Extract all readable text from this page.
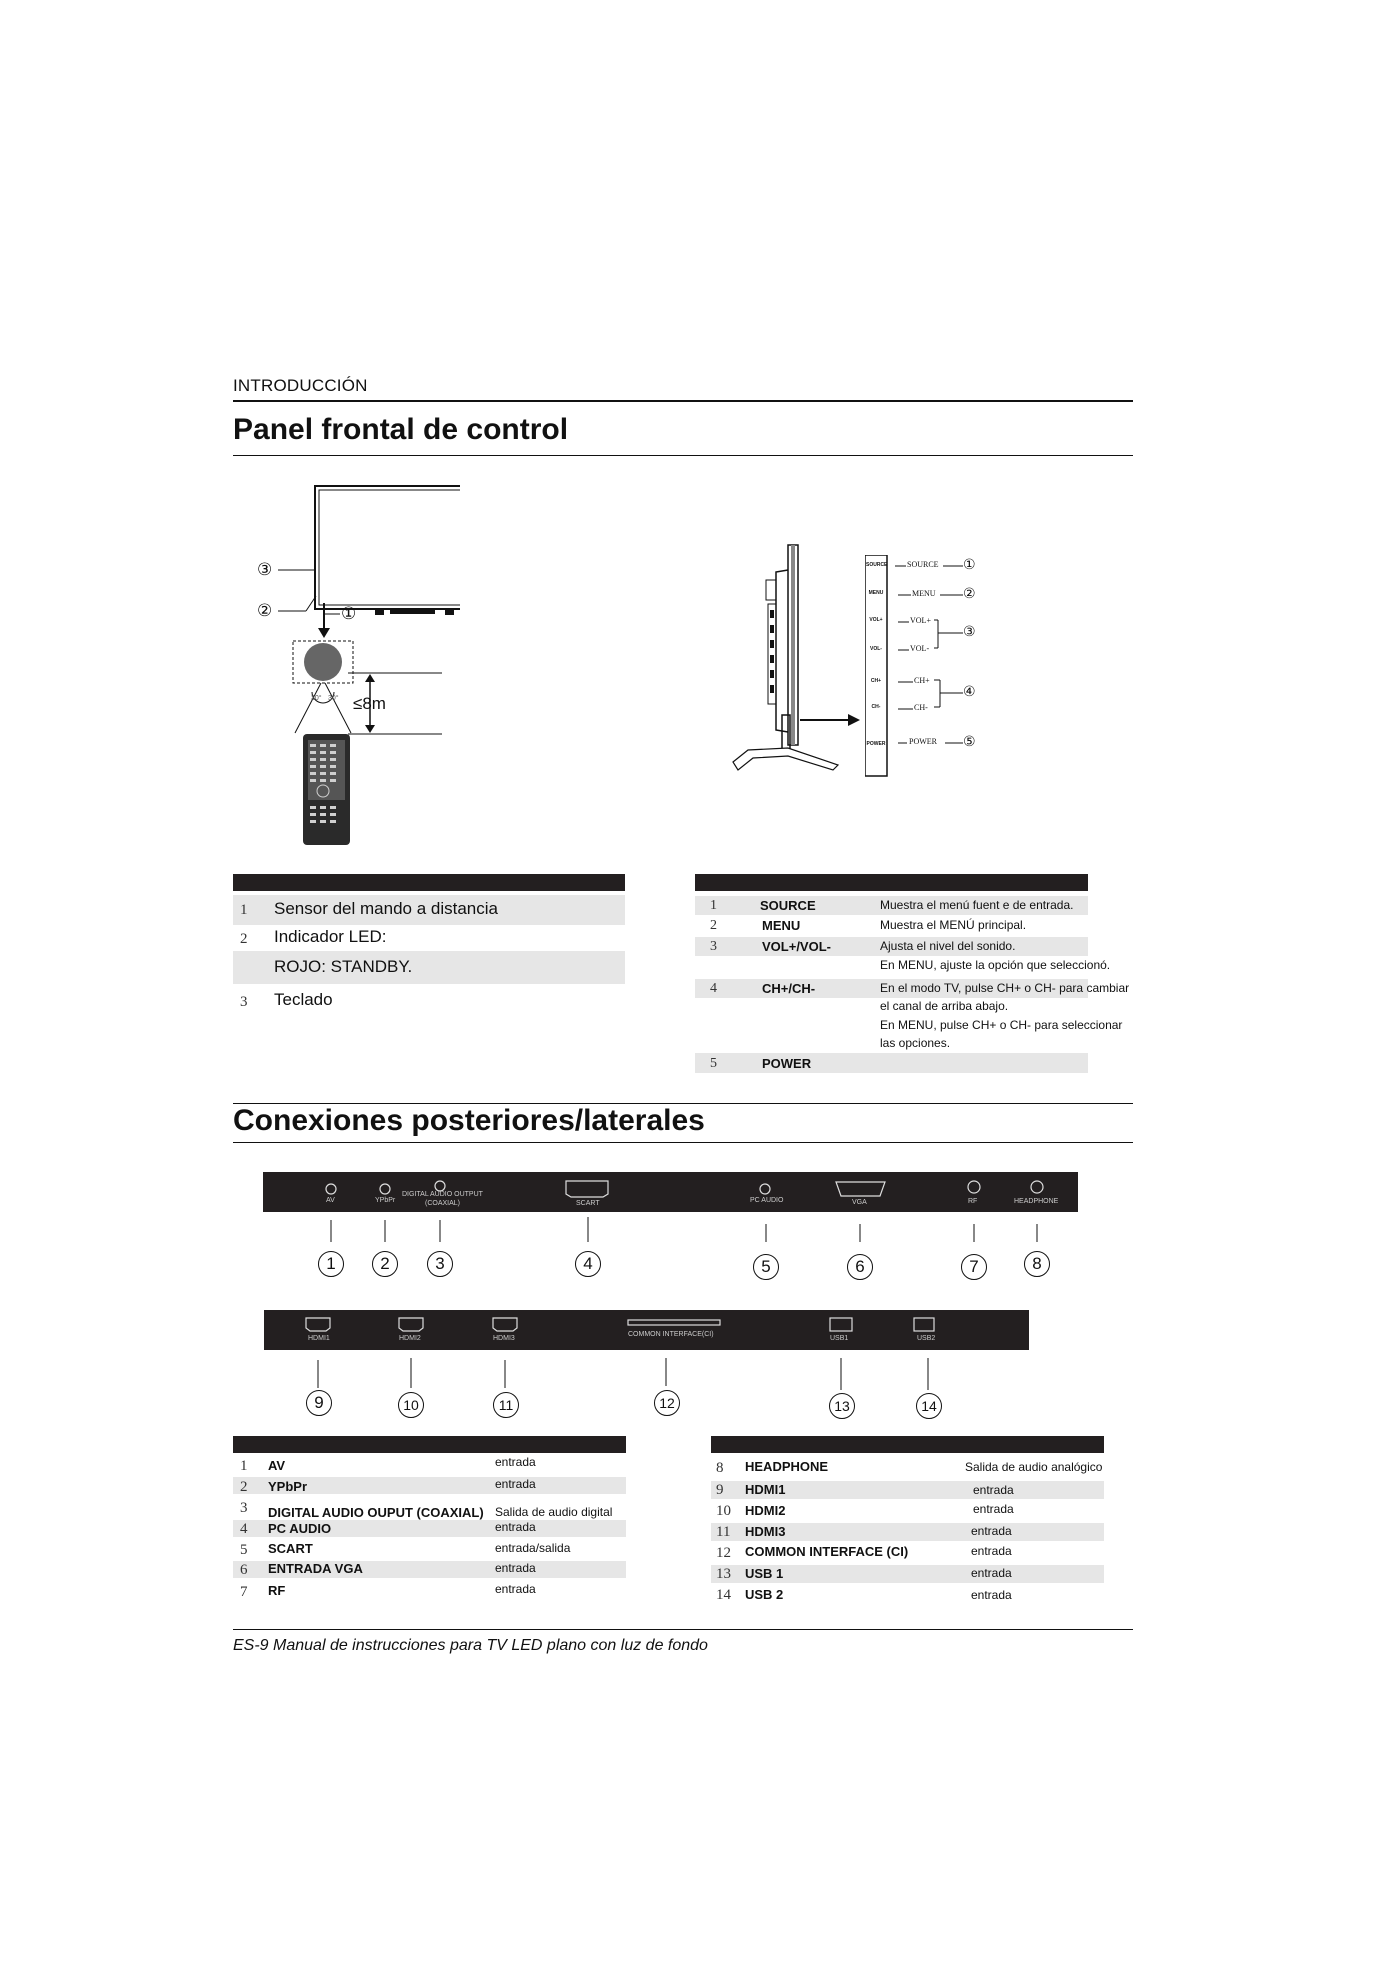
INTRODUCCIÓN
Panel frontal de control
③
②	①
≤8m
30° 30°
SOURCE
MENU
VOL+
VOL-
CH+
CH-
POWER
SOURCE
MENU
VOL+
VOL-
CH+
CH-
POWER
①
②
③
④
⑤
1 Sensor del mando a distancia
2 Indicador LED:
ROJO: STANDBY.
3 Teclado
1	SOURCE	Muestra el menú fuent e de entrada.
2	MENU	Muestra el MENÚ principal.
3	VOL+/VOL-	Ajusta el nivel del sonido.
En MENU, ajuste la opción que seleccionó.
4	CH+/CH-	En el modo TV, pulse CH+ o CH- para cambiar
el canal de arriba abajo.
En MENU, pulse CH+ o CH- para seleccionar
las opciones.
5	POWER
Conexiones posteriores/laterales
AV	YPbPr
DIGITAL AUDIO OUTPUT
(COAXIAL)	SCART	PC AUDIO	VGA	RF	HEADPHONE
1	2	3	4	5	6	7	8
HDMI1	HDMI2	HDMI3
COMMON INTERFACE(CI)
USB1	USB2
9	10	11	12	13	14
1 AV	entrada
2 YPbPr	entrada
3 DIGITAL AUDIO OUPUT (COAXIAL) Salida de audio digital
4 PC AUDIO	entrada
5 SCART	entrada/salida
6 ENTRADA VGA	entrada
7 RF	entrada
8 HEADPHONE	Salida de audio analógico
9 HDMI1	entrada
10 HDMI2	entrada
11 HDMI3	entrada
12 COMMON INTERFACE (CI)	entrada
13 USB 1	entrada
14 USB 2	entrada
ES-9 Manual de instrucciones para TV LED plano con luz de fondo
